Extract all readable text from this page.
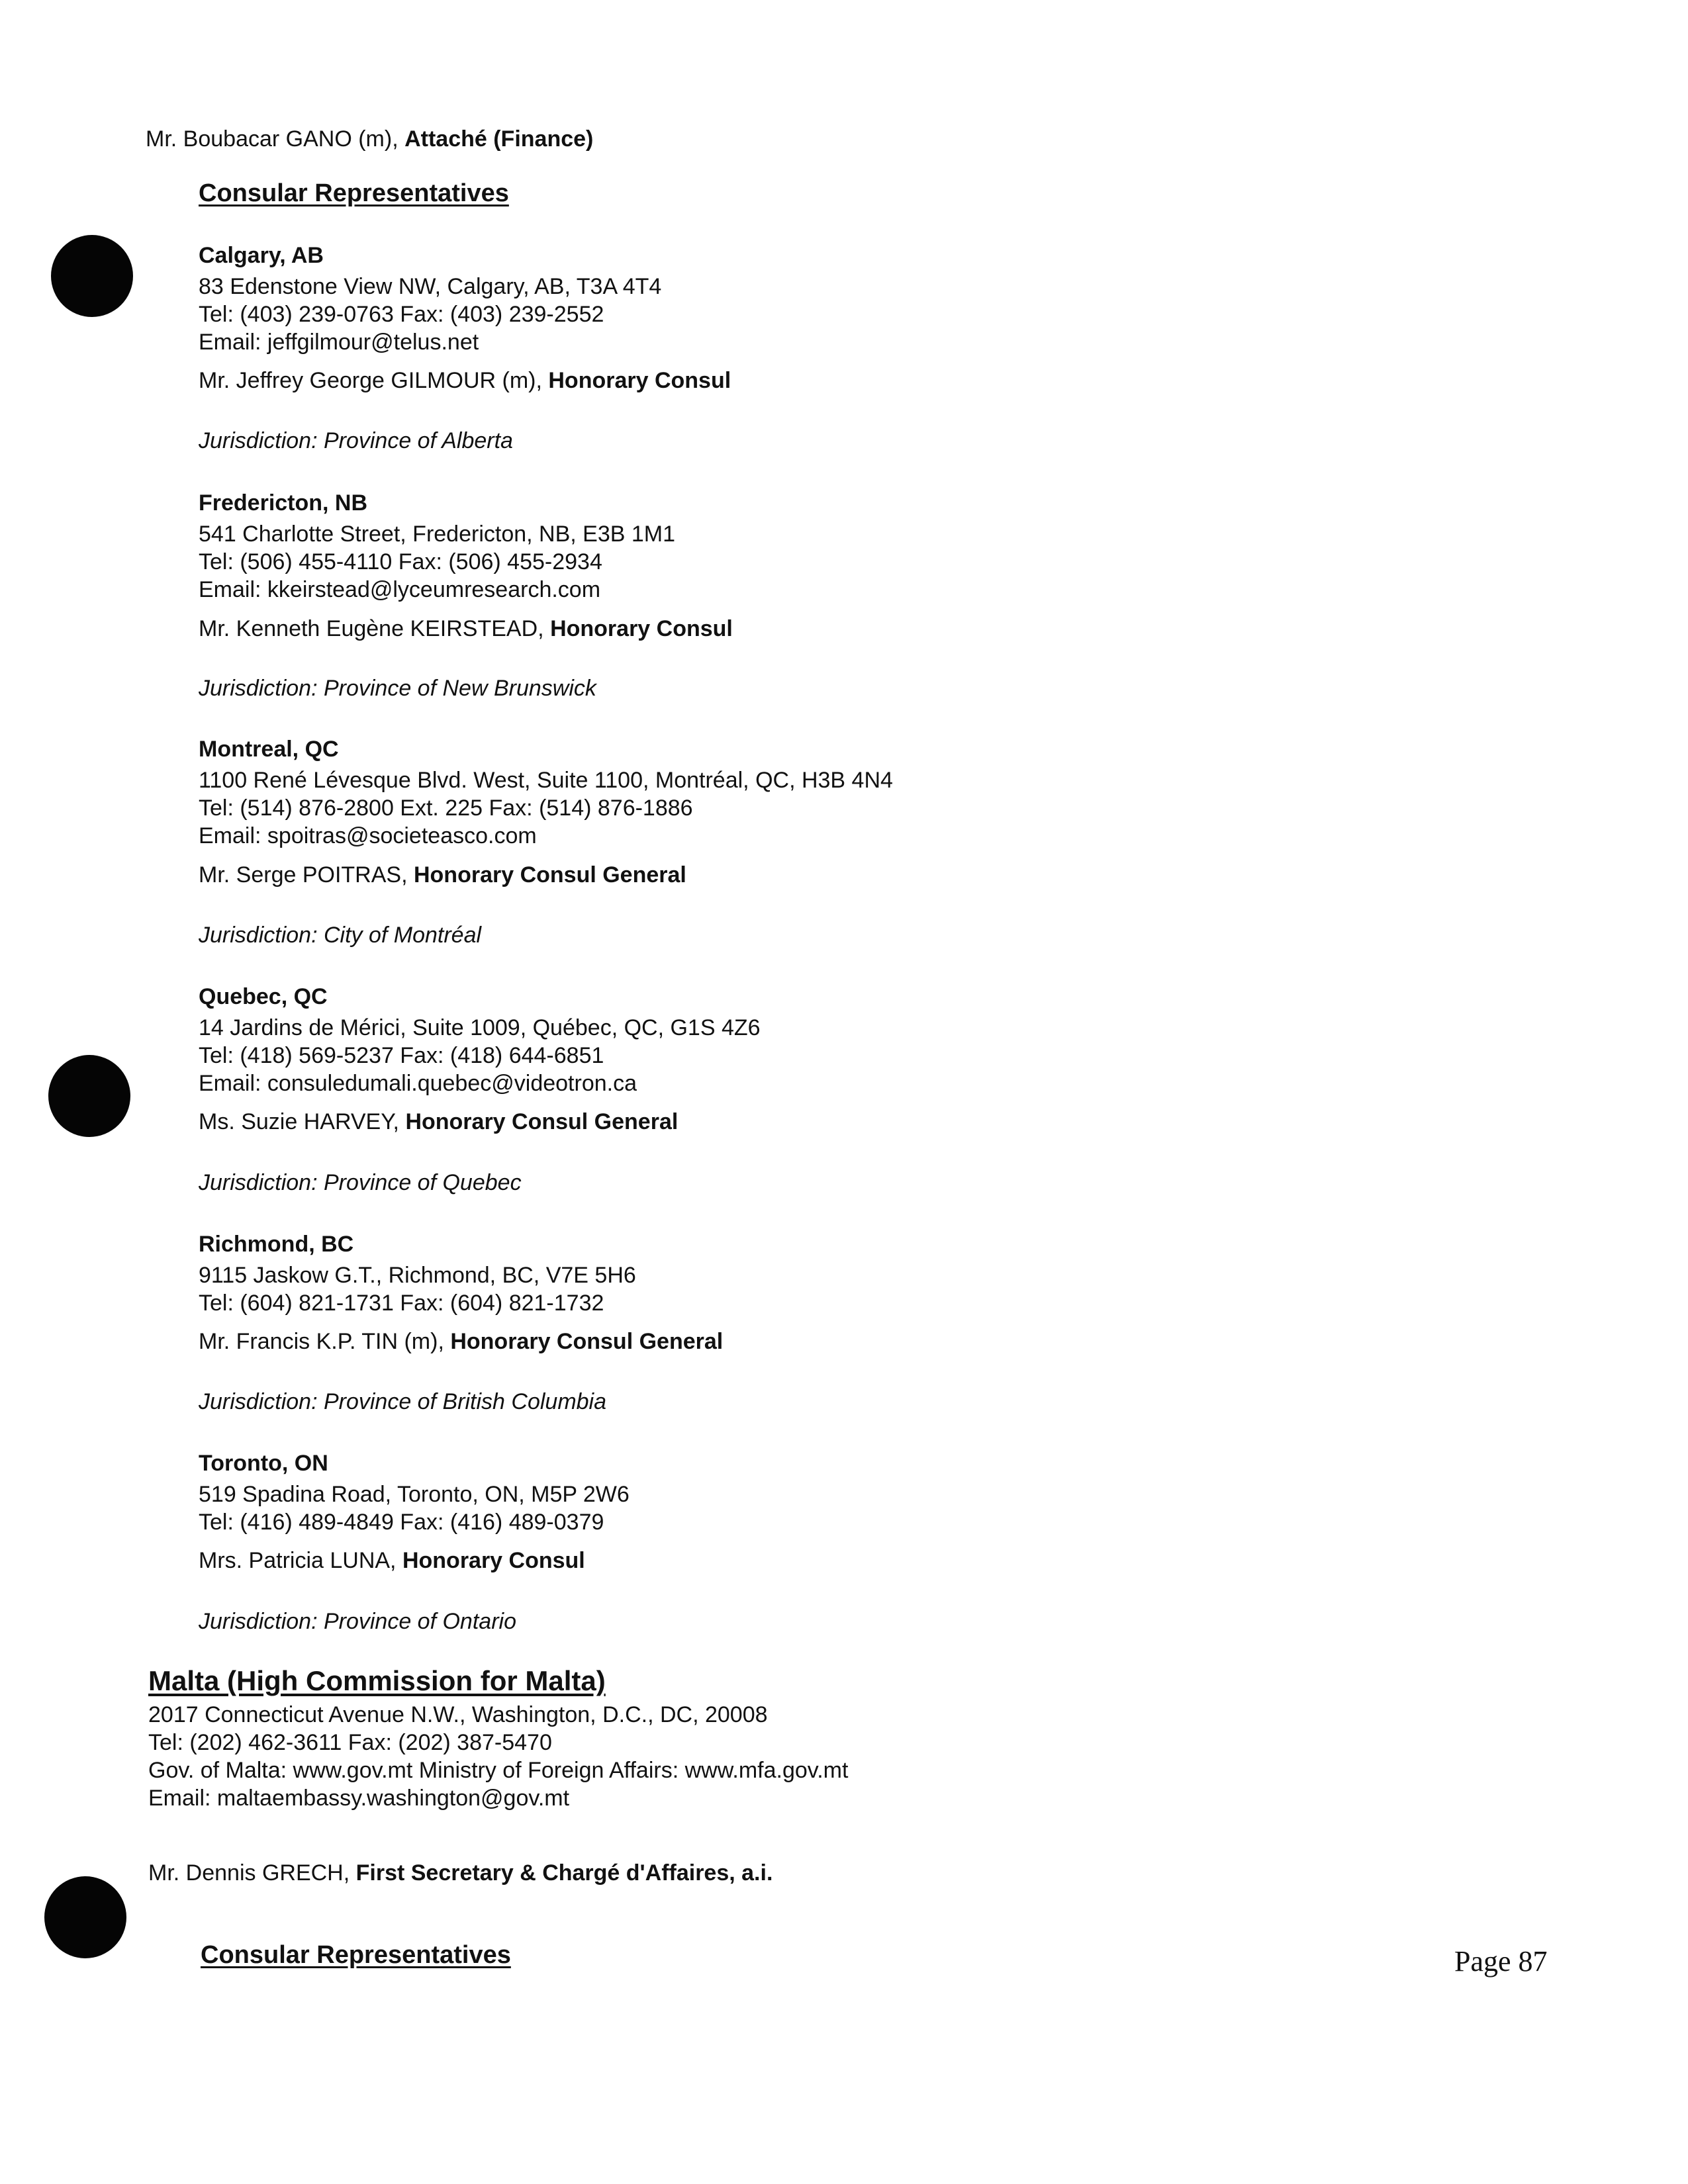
Mr. Boubacar GANO (m), Attaché (Finance)
Consular Representatives
Calgary, AB
83 Edenstone View NW, Calgary, AB, T3A 4T4
Tel: (403) 239-0763 Fax: (403) 239-2552
Email: jeffgilmour@telus.net
Mr. Jeffrey George GILMOUR (m), Honorary Consul
Jurisdiction: Province of Alberta
Fredericton, NB
541 Charlotte Street, Fredericton, NB, E3B 1M1
Tel: (506) 455-4110 Fax: (506) 455-2934
Email: kkeirstead@lyceumresearch.com
Mr. Kenneth Eugène KEIRSTEAD, Honorary Consul
Jurisdiction: Province of New Brunswick
Montreal, QC
1100 René Lévesque Blvd. West, Suite 1100, Montréal, QC, H3B 4N4
Tel: (514) 876-2800 Ext. 225 Fax: (514) 876-1886
Email: spoitras@societeasco.com
Mr. Serge POITRAS, Honorary Consul General
Jurisdiction: City of Montréal
Quebec, QC
14 Jardins de Mérici, Suite 1009, Québec, QC, G1S 4Z6
Tel: (418) 569-5237 Fax: (418) 644-6851
Email: consuledumali.quebec@videotron.ca
Ms. Suzie HARVEY, Honorary Consul General
Jurisdiction: Province of Quebec
Richmond, BC
9115 Jaskow G.T., Richmond, BC, V7E 5H6
Tel: (604) 821-1731 Fax: (604) 821-1732
Mr. Francis K.P. TIN (m), Honorary Consul General
Jurisdiction: Province of British Columbia
Toronto, ON
519 Spadina Road, Toronto, ON, M5P 2W6
Tel: (416) 489-4849 Fax: (416) 489-0379
Mrs. Patricia LUNA, Honorary Consul
Jurisdiction: Province of Ontario
Malta (High Commission for Malta)
2017 Connecticut Avenue N.W., Washington, D.C., DC, 20008
Tel: (202) 462-3611 Fax: (202) 387-5470
Gov. of Malta: www.gov.mt Ministry of Foreign Affairs: www.mfa.gov.mt
Email: maltaembassy.washington@gov.mt
Mr. Dennis GRECH, First Secretary & Chargé d'Affaires, a.i.
Consular Representatives	Page 87
